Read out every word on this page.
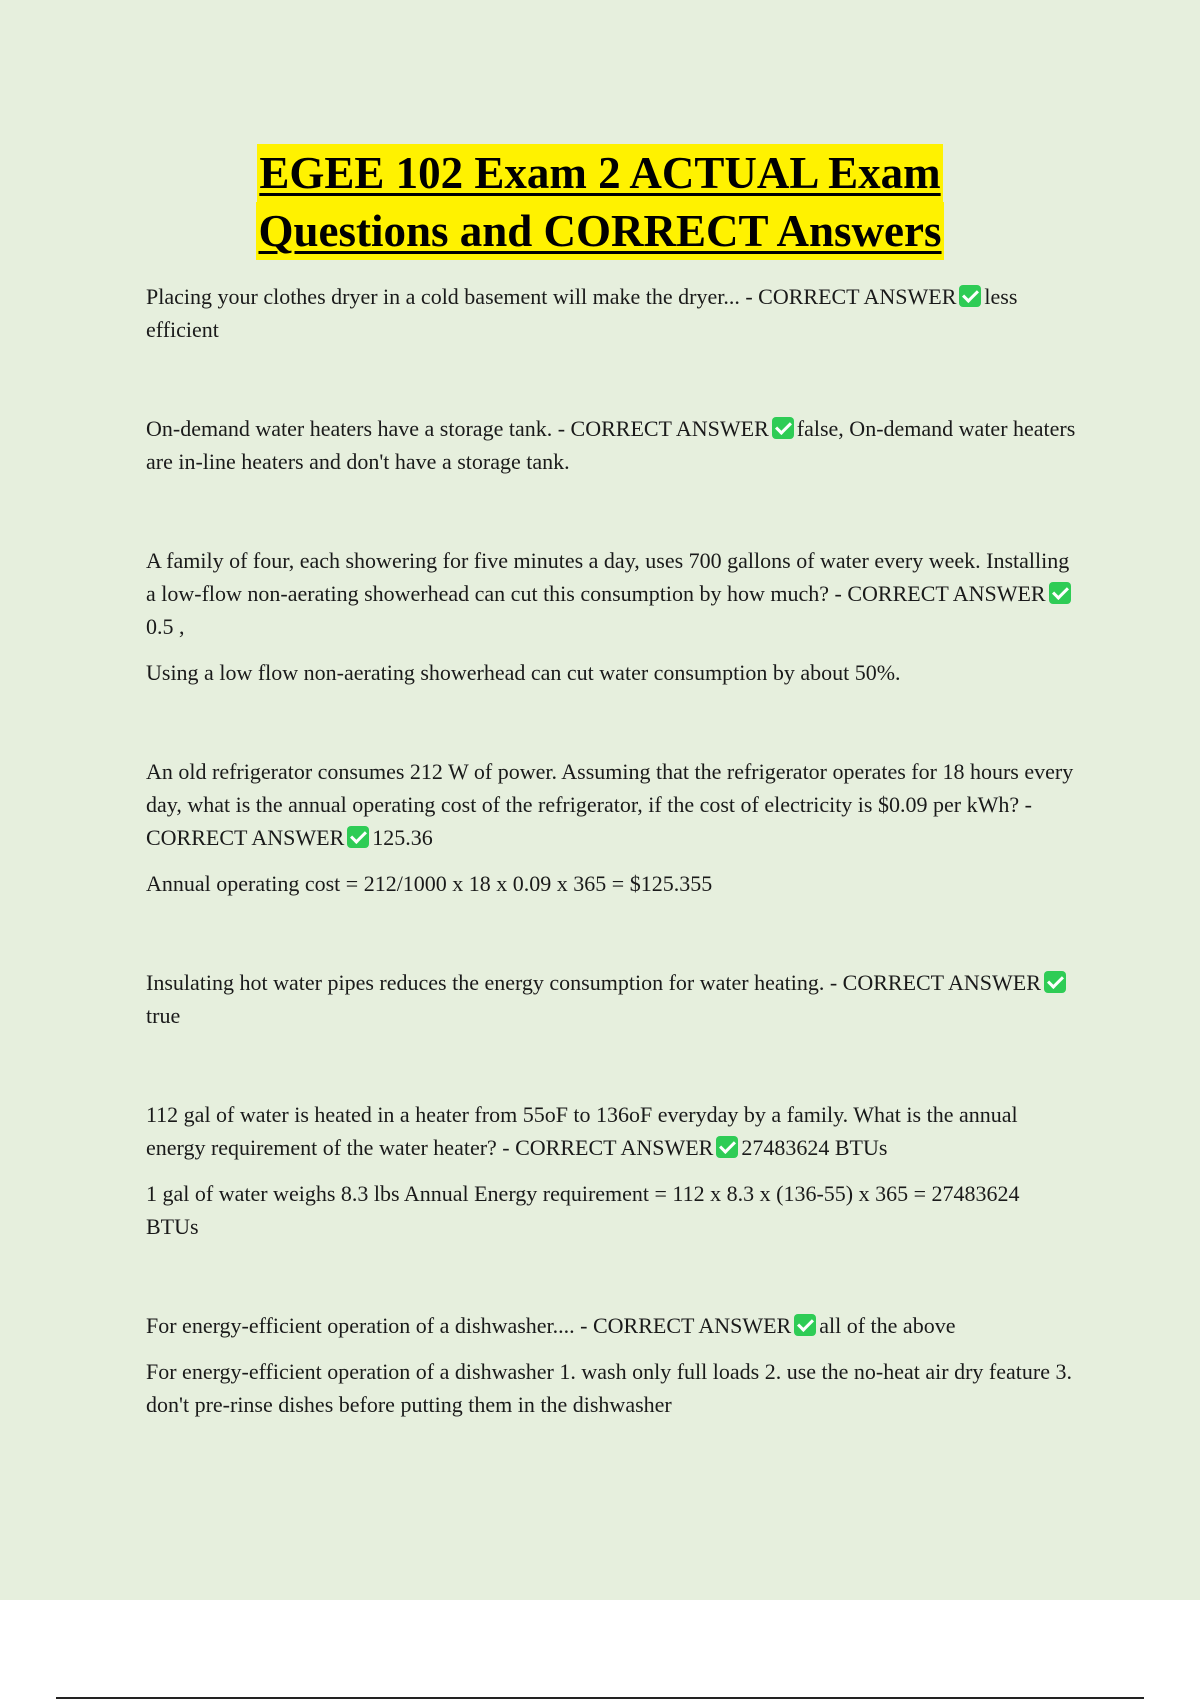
EGEE 102 Exam 2 ACTUAL Exam
Questions and CORRECT Answers

Placing your clothes dryer in a cold basement will make the dryer... - CORRECT ANSWER less efficient

On-demand water heaters have a storage tank. - CORRECT ANSWER false, On-demand water heaters are in-line heaters and don't have a storage tank.

A family of four, each showering for five minutes a day, uses 700 gallons of water every week. Installing a low-flow non-aerating showerhead can cut this consumption by how much? - CORRECT ANSWER0.5 ,

Using a low flow non-aerating showerhead can cut water consumption by about 50%.

An old refrigerator consumes 212 W of power. Assuming that the refrigerator operates for 18 hours every day, what is the annual operating cost of the refrigerator, if the cost of electricity is $0.09 per kWh? - CORRECT ANSWER 125.36

Annual operating cost = 212/1000 x 18 x 0.09 x 365 = $125.355

Insulating hot water pipes reduces the energy consumption for water heating. - CORRECT ANSWERtrue

112 gal of water is heated in a heater from 55oF to 136oF everyday by a family. What is the annual energy requirement of the water heater? - CORRECT ANSWER 27483624 BTUs

1 gal of water weighs 8.3 lbs Annual Energy requirement = 112 x 8.3 x (136-55) x 365 = 27483624 BTUs

For energy-efficient operation of a dishwasher.... - CORRECT ANSWER all of the above

For energy-efficient operation of a dishwasher 1. wash only full loads 2. use the no-heat air dry feature 3. don't pre-rinse dishes before putting them in the dishwasher
